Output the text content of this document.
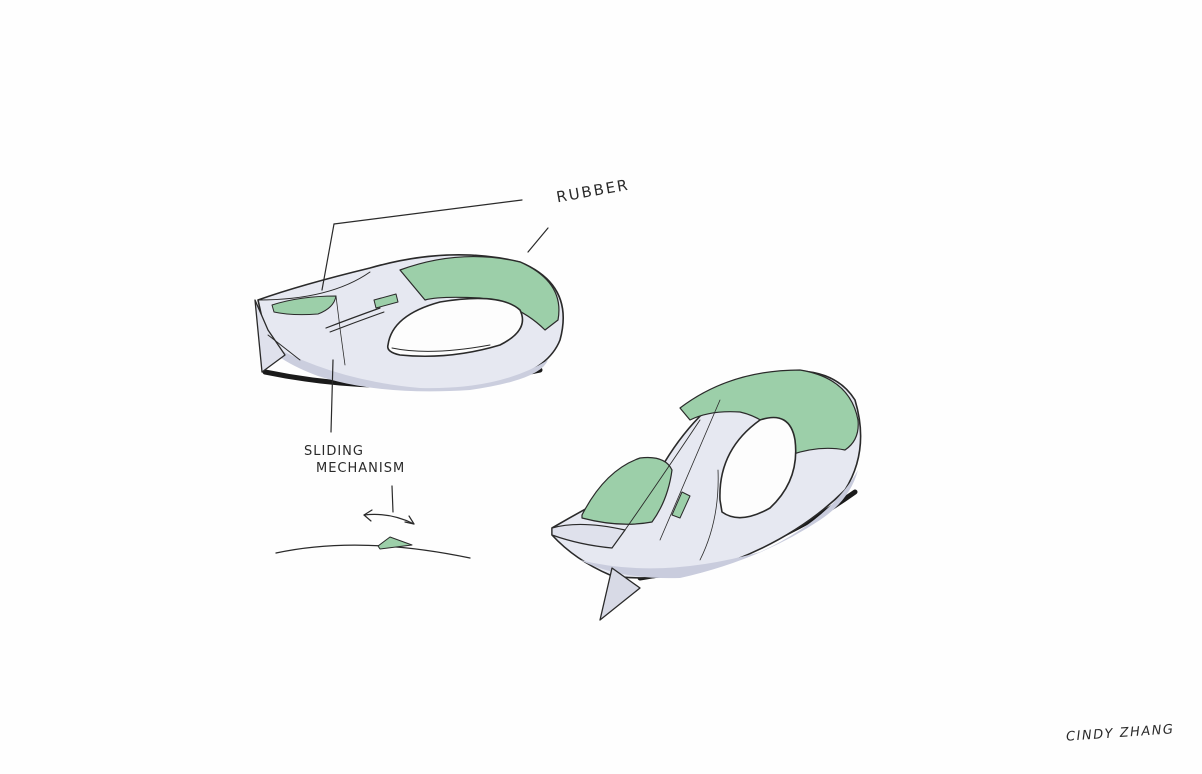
RUBBER
SLIDING
MECHANISM
CINDY ZHANG
